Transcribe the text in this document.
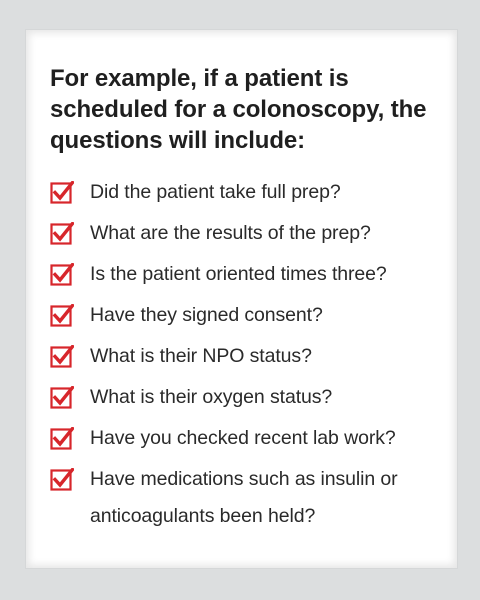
For example, if a patient is scheduled for a colonoscopy, the questions will include:
Did the patient take full prep?
What are the results of the prep?
Is the patient oriented times three?
Have they signed consent?
What is their NPO status?
What is their oxygen status?
Have you checked recent lab work?
Have medications such as insulin or anticoagulants been held?
